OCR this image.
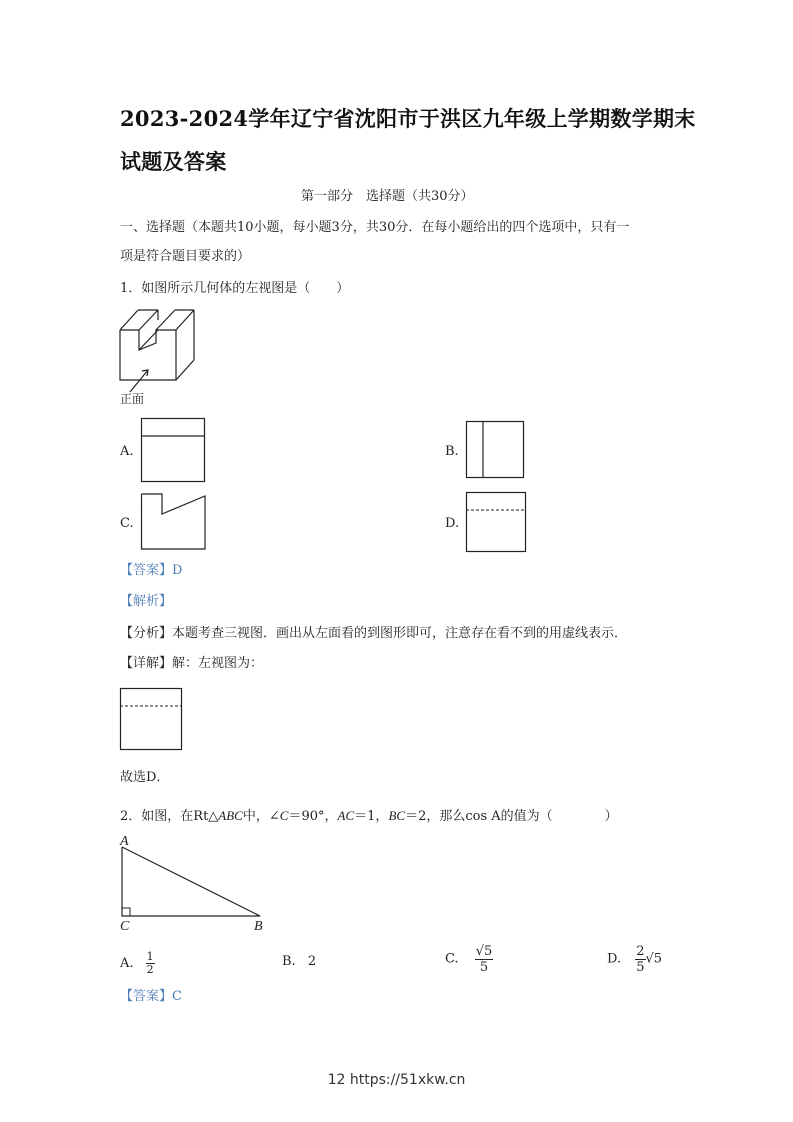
2023-2024学年辽宁省沈阳市于洪区九年级上学期数学期末
试题及答案
第一部分　选择题（共30分）
一、选择题（本题共10小题，每小题3分，共30分．在每小题给出的四个选项中，只有一
项是符合题目要求的）
1．如图所示几何体的左视图是（　　）
正面
A.	B.
C.	D.
【答案】D
【解析】
【分析】本题考查三视图．画出从左面看的到图形即可，注意存在看不到的用虚线表示．
【详解】解：左视图为：
故选D．
2．如图，在Rt△ABC中，∠C＝90°，AC＝1，BC＝2，那么cos A的值为（　　　　）
A
C	B
A. $\frac{1}{2}$	B. 2	C. $\frac{√5}{5}$	D. $\frac{2}{5} √5$
【答案】C
12 https://51xkw.cn
